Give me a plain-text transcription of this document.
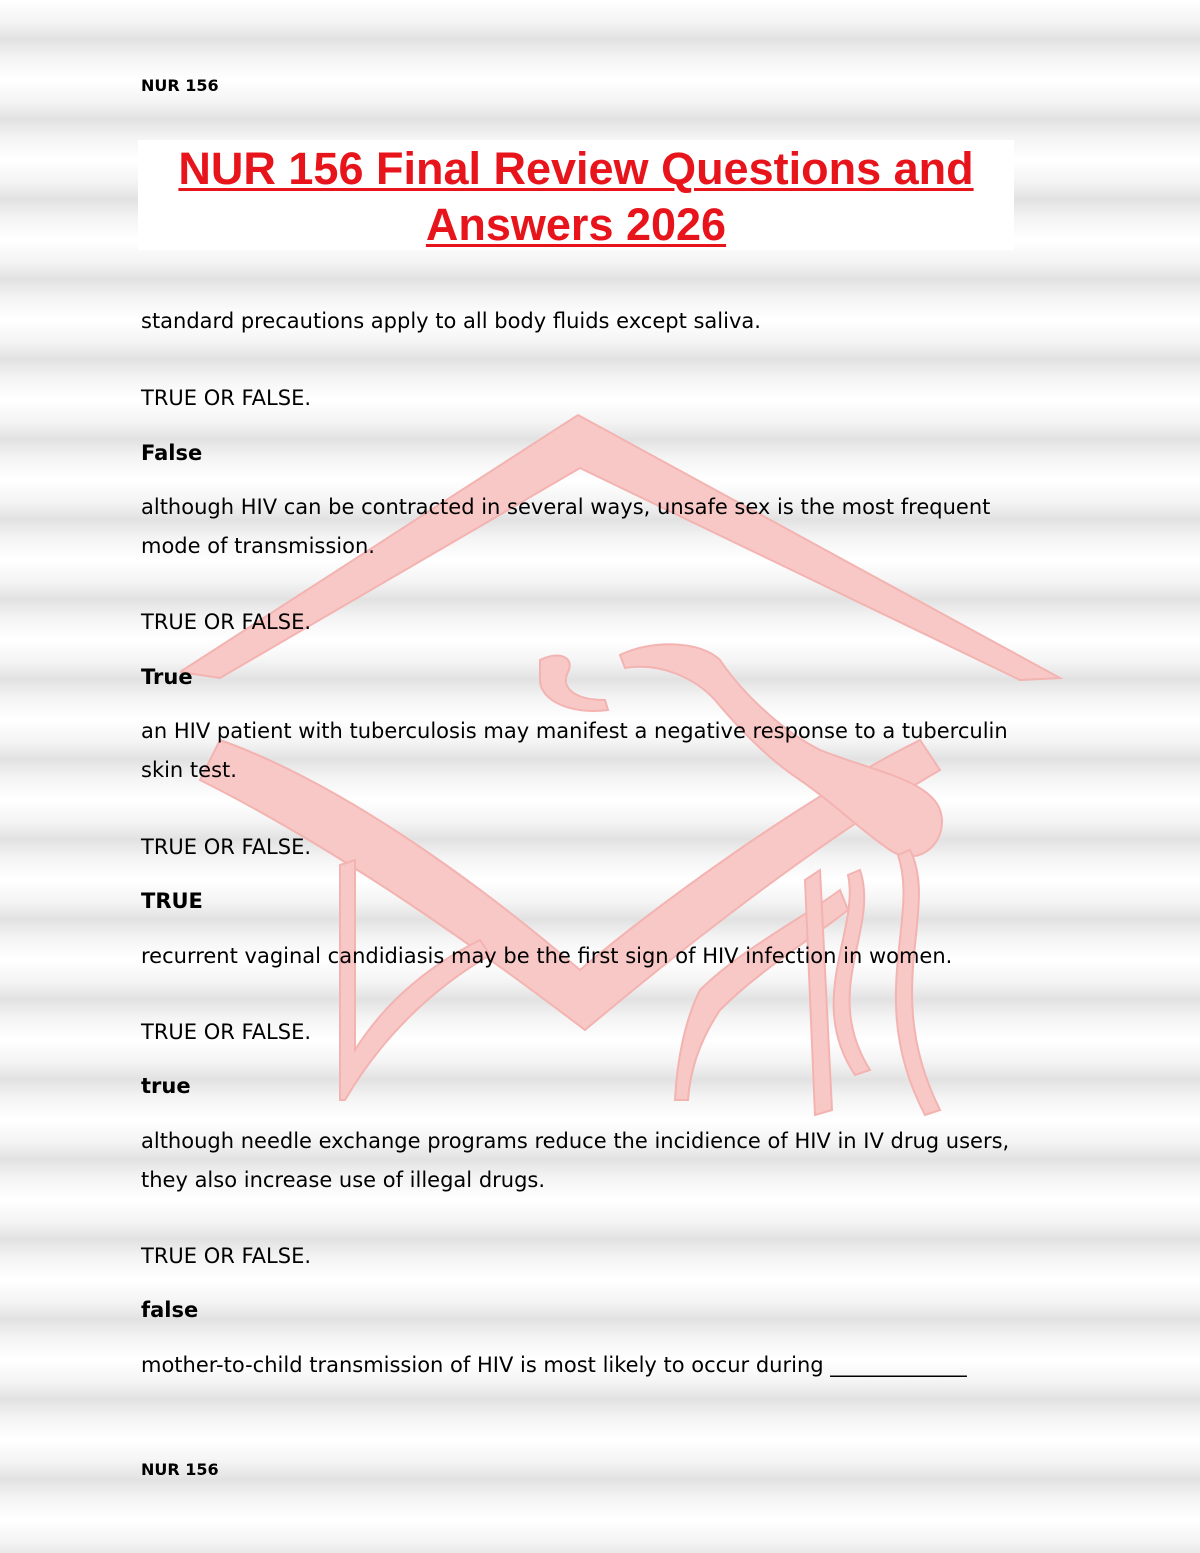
NUR 156
NUR 156 Final Review Questions and
Answers 2026
standard precautions apply to all body fluids except saliva.
TRUE OR FALSE.
False
although HIV can be contracted in several ways, unsafe sex is the most frequent
mode of transmission.
TRUE OR FALSE.
True
an HIV patient with tuberculosis may manifest a negative response to a tuberculin
skin test.
TRUE OR FALSE.
TRUE
recurrent vaginal candidiasis may be the first sign of HIV infection in women.
TRUE OR FALSE.
true
although needle exchange programs reduce the incidience of HIV in IV drug users,
they also increase use of illegal drugs.
TRUE OR FALSE.
false
mother-to-child transmission of HIV is most likely to occur during _____________
NUR 156
